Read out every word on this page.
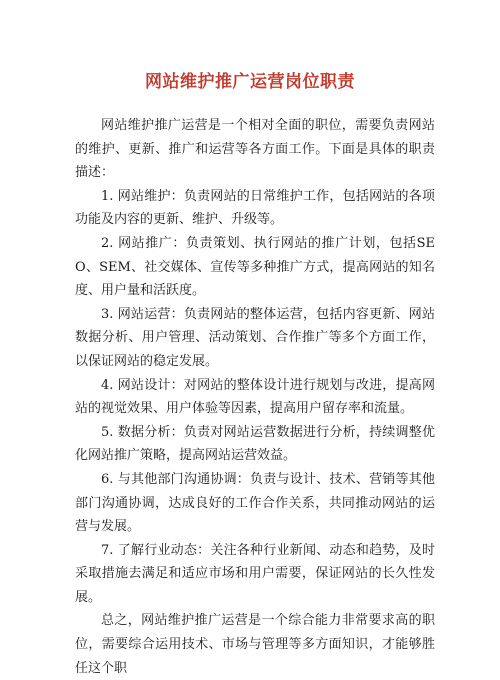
网站维护推广运营岗位职责

网站维护推广运营是一个相对全面的职位，需要负责网站的维护、更新、推广和运营等各方面工作。下面是具体的职责描述：

1. 网站维护：负责网站的日常维护工作，包括网站的各项功能及内容的更新、维护、升级等。

2. 网站推广：负责策划、执行网站的推广计划，包括SEO、SEM、社交媒体、宣传等多种推广方式，提高网站的知名度、用户量和活跃度。

3. 网站运营：负责网站的整体运营，包括内容更新、网站数据分析、用户管理、活动策划、合作推广等多个方面工作，以保证网站的稳定发展。

4. 网站设计：对网站的整体设计进行规划与改进，提高网站的视觉效果、用户体验等因素，提高用户留存率和流量。

5. 数据分析：负责对网站运营数据进行分析，持续调整优化网站推广策略，提高网站运营效益。

6. 与其他部门沟通协调：负责与设计、技术、营销等其他部门沟通协调，达成良好的工作合作关系，共同推动网站的运营与发展。

7. 了解行业动态：关注各种行业新闻、动态和趋势，及时采取措施去满足和适应市场和用户需要，保证网站的长久性发展。

总之，网站维护推广运营是一个综合能力非常要求高的职位，需要综合运用技术、市场与管理等多方面知识，才能够胜任这个职
